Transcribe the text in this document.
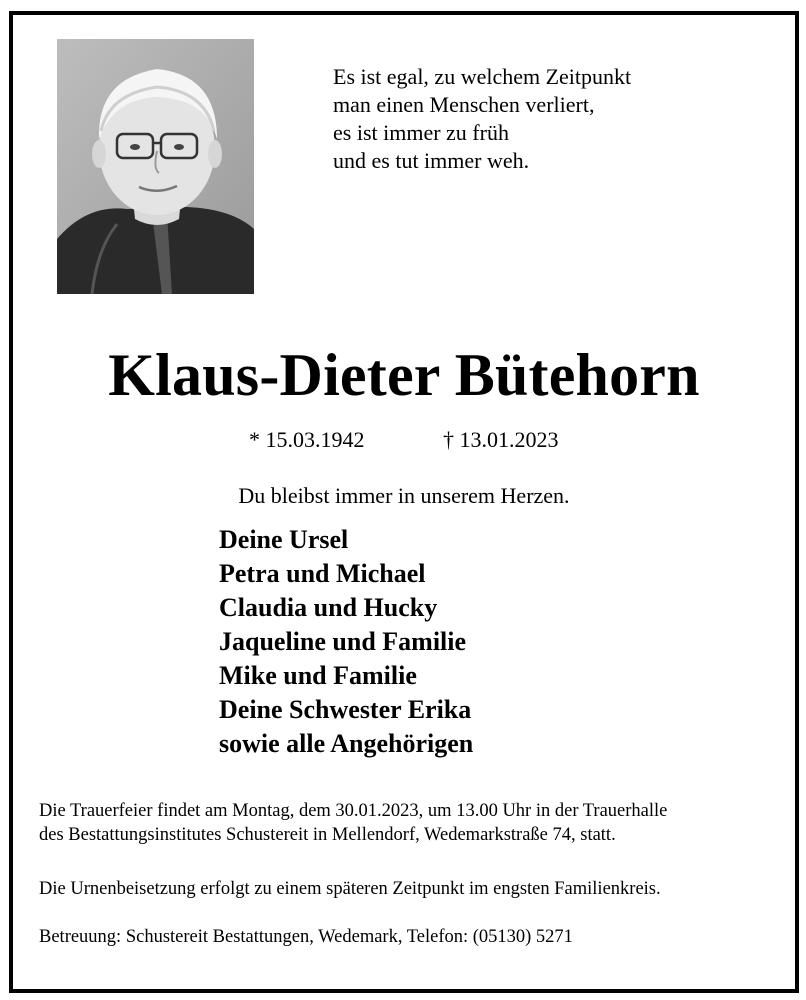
Es ist egal, zu welchem Zeitpunkt
man einen Menschen verliert,
es ist immer zu früh
und es tut immer weh.
Klaus-Dieter Bütehorn
* 15.03.1942	† 13.01.2023
Du bleibst immer in unserem Herzen.
Deine Ursel
Petra und Michael
Claudia und Hucky
Jaqueline und Familie
Mike und Familie
Deine Schwester Erika
sowie alle Angehörigen
Die Trauerfeier findet am Montag, dem 30.01.2023, um 13.00 Uhr in der Trauerhalle
des Bestattungsinstitutes Schustereit in Mellendorf, Wedemarkstraße 74, statt.
Die Urnenbeisetzung erfolgt zu einem späteren Zeitpunkt im engsten Familienkreis.
Betreuung: Schustereit Bestattungen, Wedemark, Telefon: (05130) 5271
